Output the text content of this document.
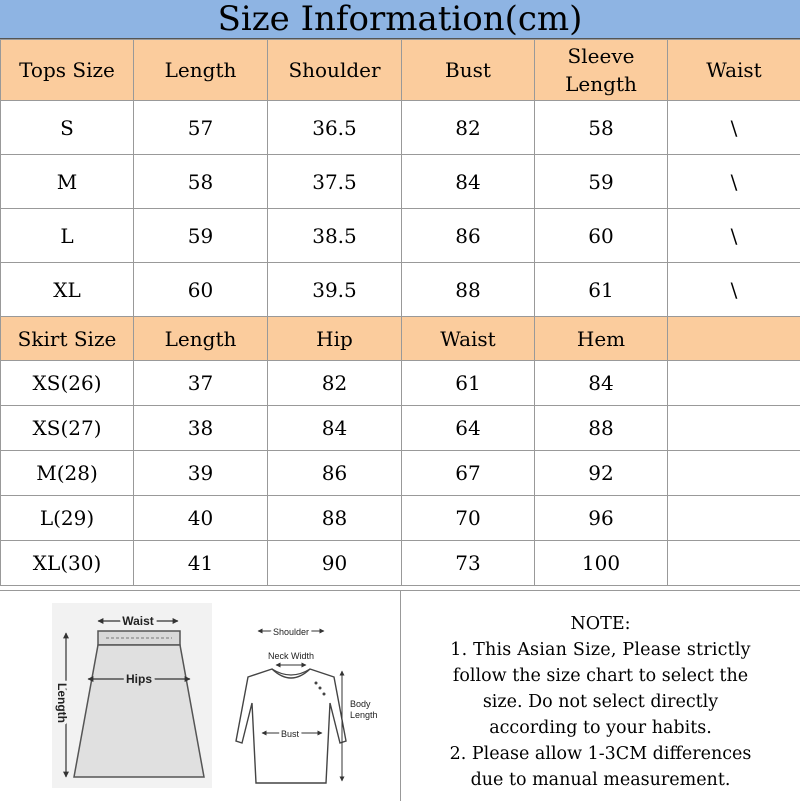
Size Information(cm)
Tops Size	Length	Shoulder	Bust	Sleeve Length	Waist
S	57	36.5	82	58	\
M	58	37.5	84	59	\
L	59	38.5	86	60	\
XL	60	39.5	88	61	\
Skirt Size	Length	Hip	Waist	Hem	
XS(26)	37	82	61	84	
XS(27)	38	84	64	88	
M(28)	39	86	67	92	
L(29)	40	88	70	96	
XL(30)	41	90	73	100	
Waist
Hips
Length
Shoulder
Neck Width
Bust
Body
Length

NOTE:

1. This Asian Size, Please strictly

follow the size chart to select the

size. Do not select directly

according to your habits.

2. Please allow 1-3CM differences

due to manual measurement.
